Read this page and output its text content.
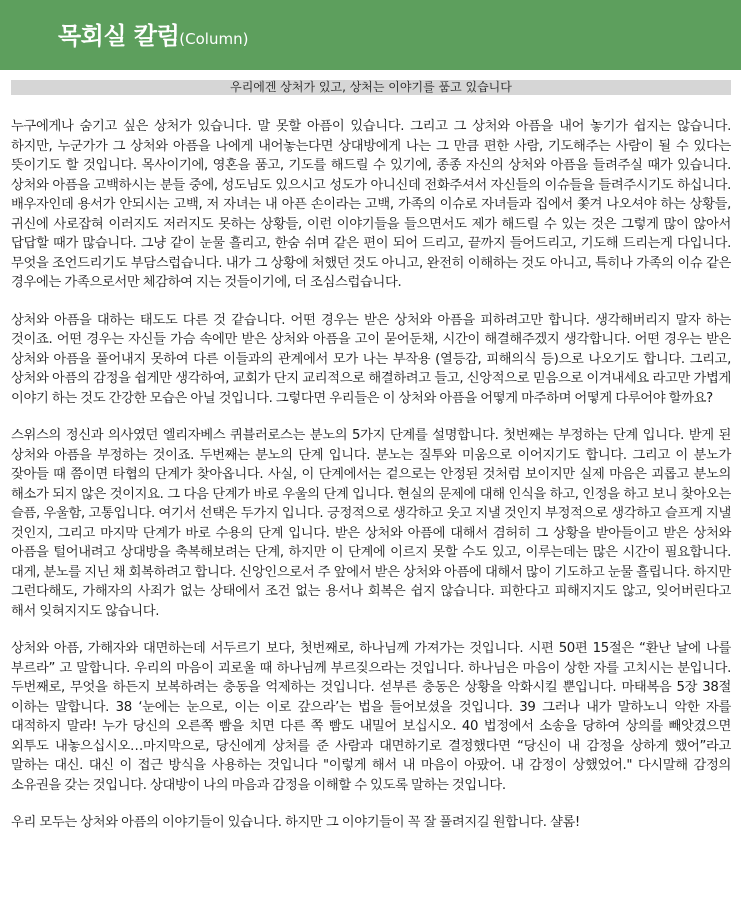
목회실 칼럼(Column)
우리에겐 상처가 있고, 상처는 이야기를 품고 있습니다

누구에게나 숨기고 싶은 상처가 있습니다. 말 못할 아픔이 있습니다. 그리고 그 상처와 아픔을 내어 놓기가 쉽지는 않습니다. 하지만, 누군가가 그 상처와 아픔을 나에게 내어놓는다면 상대방에게 나는 그 만큼 편한 사람, 기도해주는 사람이 될 수 있다는 뜻이기도 할 것입니다. 목사이기에, 영혼을 품고, 기도를 해드릴 수 있기에, 종종 자신의 상처와 아픔을 들려주실 때가 있습니다. 상처와 아픔을 고백하시는 분들 중에, 성도님도 있으시고 성도가 아니신데 전화주셔서 자신들의 이슈들을 들려주시기도 하십니다. 배우자인데 용서가 안되시는 고백, 저 자녀는 내 아픈 손이라는 고백, 가족의 이슈로 자녀들과 집에서 쫓겨 나오셔야 하는 상황들, 귀신에 사로잡혀 이러지도 저러지도 못하는 상황들, 이런 이야기들을 들으면서도 제가 해드릴 수 있는 것은 그렇게 많이 않아서 답답할 때가 많습니다. 그냥 같이 눈물 흘리고, 한숨 쉬며 같은 편이 되어 드리고, 끝까지 들어드리고, 기도해 드리는게 다입니다. 무엇을 조언드리기도 부담스럽습니다. 내가 그 상황에 처했던 것도 아니고, 완전히 이해하는 것도 아니고, 특히나 가족의 이슈 같은 경우에는 가족으로서만 체감하여 지는 것들이기에, 더 조심스럽습니다.

상처와 아픔을 대하는 태도도 다른 것 같습니다. 어떤 경우는 받은 상처와 아픔을 피하려고만 합니다. 생각해버리지 말자 하는 것이죠. 어떤 경우는 자신들 가슴 속에만 받은 상처와 아픔을 고이 묻어둔채, 시간이 해결해주겠지 생각합니다. 어떤 경우는 받은 상처와 아픔을 풀어내지 못하여 다른 이들과의 관계에서 모가 나는 부작용 (열등감, 피해의식 등)으로 나오기도 합니다. 그리고, 상처와 아픔의 감정을 쉽게만 생각하여, 교회가 단지 교리적으로 해결하려고 들고, 신앙적으로 믿음으로 이겨내세요 라고만 가볍게 이야기 하는 것도 간강한 모습은 아닐 것입니다. 그렇다면 우리들은 이 상처와 아픔을 어떻게 마주하며 어떻게 다루어야 할까요?

스위스의 정신과 의사였던 엘리자베스 퀴블러로스는 분노의 5가지 단계를 설명합니다. 첫번째는 부정하는 단계 입니다. 받게 된 상처와 아픔을 부정하는 것이죠. 두번째는 분노의 단계 입니다. 분노는 질투와 미움으로 이어지기도 합니다. 그리고 이 분노가 잦아들 때 쯤이면 타협의 단계가 찾아옵니다. 사실, 이 단계에서는 겉으로는 안정된 것처럼 보이지만 실제 마음은 괴롭고 분노의 해소가 되지 않은 것이지요. 그 다음 단계가 바로 우울의 단계 입니다. 현실의 문제에 대해 인식을 하고, 인정을 하고 보니 찾아오는 슬픔, 우울함, 고통입니다. 여기서 선택은 두가지 입니다. 긍정적으로 생각하고 웃고 지낼 것인지 부정적으로 생각하고 슬프게 지낼 것인지, 그리고 마지막 단계가 바로 수용의 단계 입니다. 받은 상처와 아픔에 대해서 겸허히 그 상황을 받아들이고 받은 상처와 아픔을 털어내려고 상대방을 축복해보려는 단계, 하지만 이 단계에 이르지 못할 수도 있고, 이루는데는 많은 시간이 필요합니다. 대게, 분노를 지닌 채 회복하려고 합니다. 신앙인으로서 주 앞에서 받은 상처와 아픔에 대해서 많이 기도하고 눈물 흘립니다. 하지만 그런다해도, 가해자의 사죄가 없는 상태에서 조건 없는 용서나 회복은 쉽지 않습니다. 피한다고 피해지지도 않고, 잊어버린다고 해서 잊혀지지도 않습니다.

상처와 아픔, 가해자와 대면하는데 서두르기 보다, 첫번째로, 하나님께 가져가는 것입니다. 시편 50편 15절은 “환난 날에 나를 부르라” 고 말합니다. 우리의 마음이 괴로울 때 하나님께 부르짖으라는 것입니다. 하나님은 마음이 상한 자를 고치시는 분입니다. 두번째로, 무엇을 하든지 보복하려는 충동을 억제하는 것입니다. 섣부른 충동은 상황을 악화시킬 뿐입니다. 마태복음 5장 38절 이하는 말합니다. 38 ‘눈에는 눈으로, 이는 이로 갚으라’는 법을 들어보셨을 것입니다. 39 그러나 내가 말하노니 악한 자를 대적하지 말라! 누가 당신의 오른쪽 빰을 치면 다른 쪽 빰도 내밀어 보십시오. 40 법정에서 소송을 당하여 상의를 빼앗겼으면 외투도 내놓으십시오…마지막으로, 당신에게 상처를 준 사람과 대면하기로 결정했다면 “당신이 내 감정을 상하게 했어”라고 말하는 대신. 대신 이 접근 방식을 사용하는 것입니다 "이렇게 해서 내 마음이 아팠어. 내 감정이 상했었어." 다시말해 감정의 소유권을 갖는 것입니다. 상대방이 나의 마음과 감정을 이해할 수 있도록 말하는 것입니다.

우리 모두는 상처와 아픔의 이야기들이 있습니다. 하지만 그 이야기들이 꼭 잘 풀려지길 원합니다. 샬롬!
